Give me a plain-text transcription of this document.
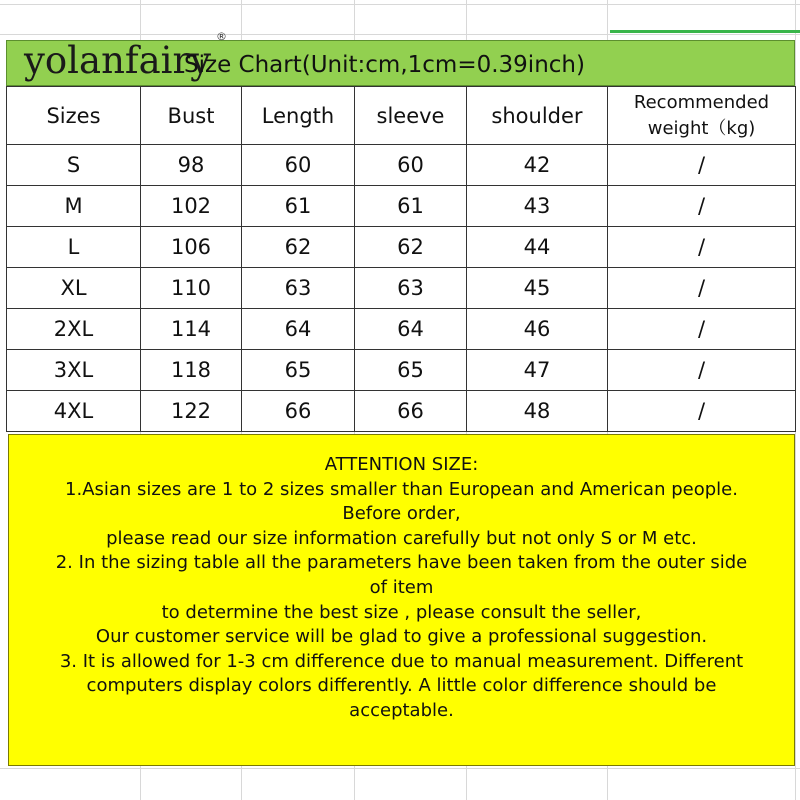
yolanfairy
®
Size Chart(Unit:cm,1cm=0.39inch)
Sizes	Bust	Length	sleeve	shoulder	Recommended
weight（kg)
S	98	60	60	42	/
M	102	61	61	43	/
L	106	62	62	44	/
XL	110	63	63	45	/
2XL	114	64	64	46	/
3XL	118	65	65	47	/
4XL	122	66	66	48	/

ATTENTION SIZE:

1.Asian sizes are 1 to 2 sizes smaller than European and American people.

Before order,

please read our size information carefully but not only S or M etc.

2. In the sizing table all the parameters have been taken from the outer side

of item

to determine the best size , please consult the seller,

Our customer service will be glad to give a professional suggestion.

3. It is allowed for 1-3 cm difference due to manual measurement. Different

computers display colors differently. A little color difference should be

acceptable.
